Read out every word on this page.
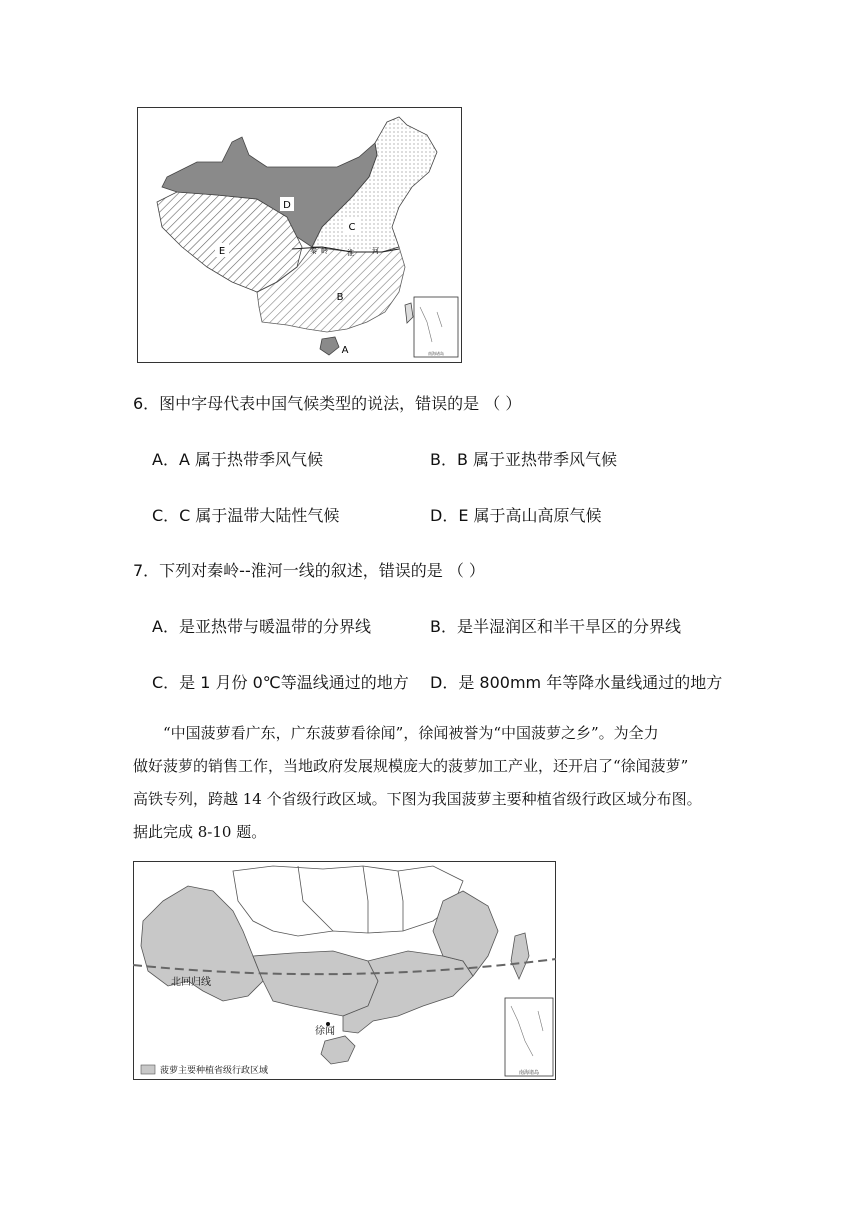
南海诸岛
D
C
E
B
A
秦 岭	淮	河
6．图中字母代表中国气候类型的说法，错误的是 （ ）
A．A 属于热带季风气候	B．B 属于亚热带季风气候
C．C 属于温带大陆性气候	D．E 属于高山高原气候
7．下列对秦岭--淮河一线的叙述，错误的是 （ ）
A．是亚热带与暖温带的分界线	B．是半湿润区和半干旱区的分界线
C．是 1 月份 0℃等温线通过的地方 D．是 800mm 年等降水量线通过的地方
“中国菠萝看广东，广东菠萝看徐闻”，徐闻被誉为“中国菠萝之乡”。为全力
做好菠萝的销售工作，当地政府发展规模庞大的菠萝加工产业，还开启了“徐闻菠萝”
高铁专列，跨越 14 个省级行政区域。下图为我国菠萝主要种植省级行政区域分布图。
据此完成 8-10 题。
南海诸岛
北回归线
徐闻
菠萝主要种植省级行政区域
